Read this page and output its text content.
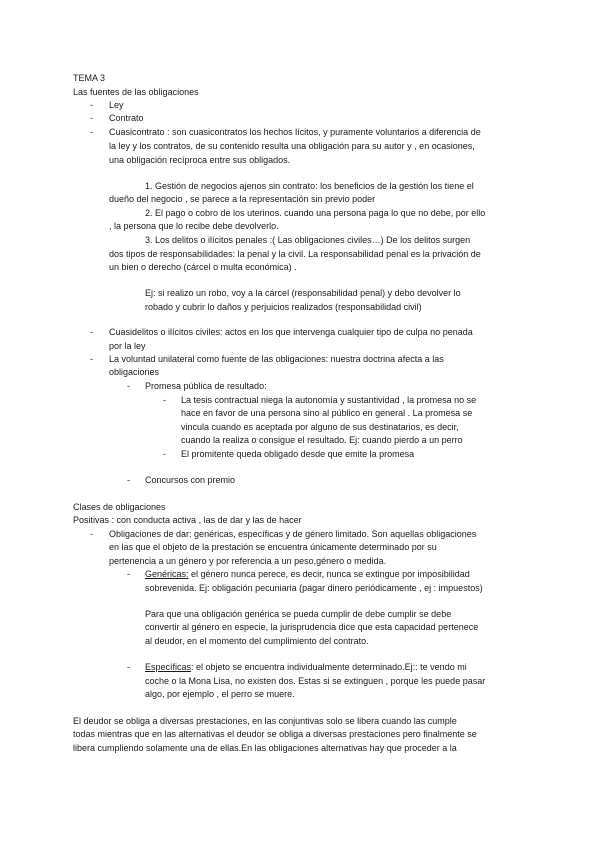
TEMA 3
Las fuentes de las obligaciones
- Ley
- Contrato
- Cuasicontrato : son cuasicontratos los hechos lícitos, y puramente voluntarios a diferencia de
la ley y los contratos, de su contenido resulta una obligación para su autor y , en ocasiones,
una obligación recíproca entre sus obligados.
1. Gestión de negocios ajenos sin contrato: los beneficios de la gestión los tiene el
dueño del negocio , se parece a la representación sin previo poder
2. El pago o cobro de los uterinos. cuando una persona paga lo que no debe, por ello
, la persona que lo recibe debe devolverlo.
3. Los delitos o ilícitos penales :( Las obligaciones civiles…) De los delitos surgen
dos tipos de responsabilidades: la penal y la civil. La responsabilidad penal es la privación de
un bien o derecho (cárcel o multa económica) .
Ej: si realizo un robo, voy a la cárcel (responsabilidad penal) y debo devolver lo
robado y cubrir lo daños y perjuicios realizados (responsabilidad civil)
- Cuasidelitos o ilícitos civiles: actos en los que intervenga cualquier tipo de culpa no penada
por la ley
- La voluntad unilateral como fuente de las obligaciones: nuestra doctrina afecta a las
obligaciones
- Promesa pública de resultado:
- La tesis contractual niega la autonomía y sustantividad , la promesa no se
hace en favor de una persona sino al público en general . La promesa se
vincula cuando es aceptada por alguno de sus destinatarios, es decir,
cuando la realiza o consigue el resultado. Ej: cuando pierdo a un perro
- El promitente queda obligado desde que emite la promesa
- Concursos con premio
Clases de obligaciones
Positivas : con conducta activa , las de dar y las de hacer
- Obligaciones de dar: genéricas, específicas y de género limitado. Son aquellas obligaciones
en las que el objeto de la prestación se encuentra únicamente determinado por su
pertenencia a un género y por referencia a un peso,género o medida.
- Genéricas: el género nunca perece, es decir, nunca se extingue por imposibilidad
sobrevenida. Ej: obligación pecuniaria (pagar dinero periódicamente , ej : impuestos)
Para que una obligación genérica se pueda cumplir de debe cumplir se debe
convertir al género en especie, la jurisprudencia dice que esta capacidad pertenece
al deudor, en el momento del cumplimiento del contrato.
- Específicas: el objeto se encuentra individualmente determinado.Ej:: te vendo mi
coche o la Mona Lisa, no existen dos. Estas si se extinguen , porque les puede pasar
algo, por ejemplo , el perro se muere.
El deudor se obliga a diversas prestaciones, en las conjuntivas solo se libera cuando las cumple
todas mientras que en las alternativas el deudor se obliga a diversas prestaciones pero finalmente se
libera cumpliendo solamente una de ellas.En las obligaciones alternativas hay que proceder a la
